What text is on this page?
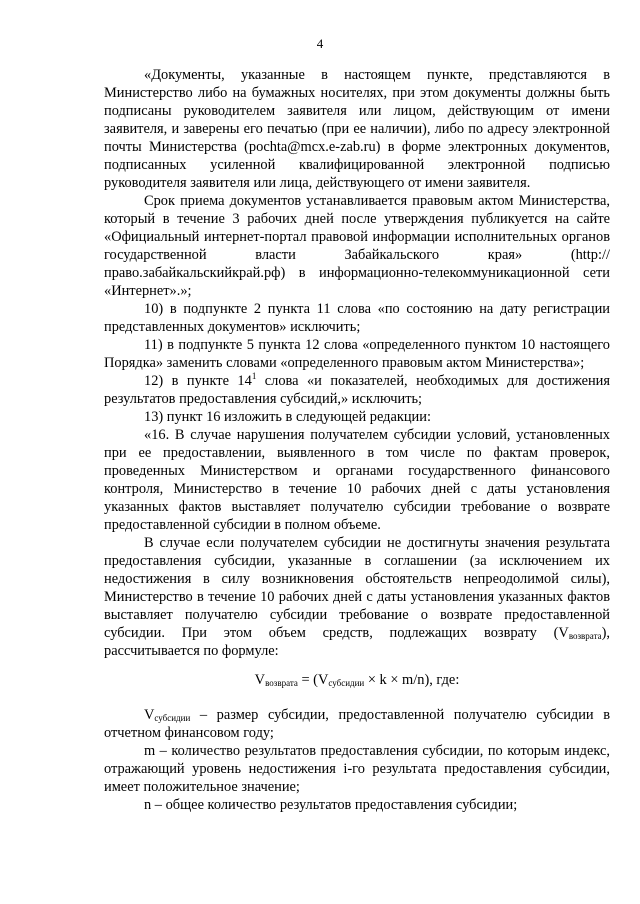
4

«Документы, указанные в настоящем пункте, представляются в Министерство либо на бумажных носителях, при этом документы должны быть подписаны руководителем заявителя или лицом, действующим от имени заявителя, и заверены его печатью (при ее наличии), либо по адресу электронной почты Министерства (pochta@mcx.e-zab.ru) в форме электронных документов, подписанных усиленной квалифицированной электронной подписью руководителя заявителя или лица, действующего от имени заявителя.

Срок приема документов устанавливается правовым актом Министерства, который в течение 3 рабочих дней после утверждения публикуется на сайте «Официальный интернет-портал правовой информации исполнительных органов государственной власти Забайкальского края» (http://право.забайкальскийкрай.рф) в информационно-телекоммуникационной сети «Интернет».»;

10) в подпункте 2 пункта 11 слова «по состоянию на дату регистрации представленных документов» исключить;

11) в подпункте 5 пункта 12 слова «определенного пунктом 10 настоящего Порядка» заменить словами «определенного правовым актом Министерства»;

12) в пункте $14^1$ слова «и показателей, необходимых для достижения результатов предоставления субсидий,» исключить;

13) пункт 16 изложить в следующей редакции:

«16. В случае нарушения получателем субсидии условий, установленных при ее предоставлении, выявленного в том числе по фактам проверок, проведенных Министерством и органами государственного финансового контроля, Министерство в течение 10 рабочих дней с даты установления указанных фактов выставляет получателю субсидии требование о возврате предоставленной субсидии в полном объеме.

В случае если получателем субсидии не достигнуты значения результата предоставления субсидии, указанные в соглашении (за исключением их недостижения в силу возникновения обстоятельств непреодолимой силы), Министерство в течение 10 рабочих дней с даты установления указанных фактов выставляет получателю субсидии требование о возврате предоставленной субсидии. При этом объем средств, подлежащих возврату $(V_{возврата})$, рассчитывается по формуле:

$V_{возврата} = (V_{субсидии} \times k \times m/n)$, где:

$V_{субсидии}$ – размер субсидии, предоставленной получателю субсидии в отчетном финансовом году;

m – количество результатов предоставления субсидии, по которым индекс, отражающий уровень недостижения i-го результата предоставления субсидии, имеет положительное значение;

n – общее количество результатов предоставления субсидии;
